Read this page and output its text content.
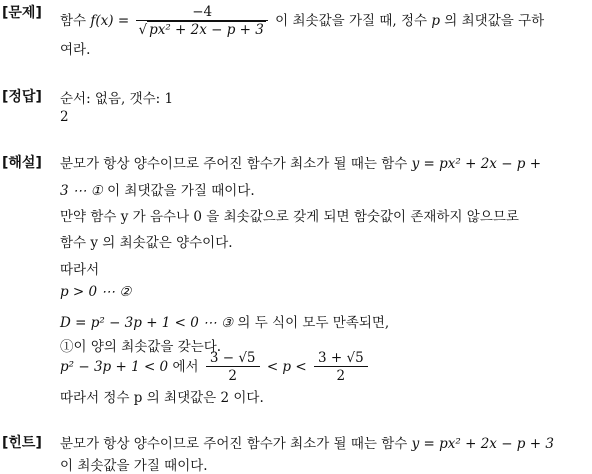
[문제] 함수 $f(x) = \frac{-4}{\text{√ px² + 2x − p + 3}}$ 이 최솟값을 가질 때, 정수 p 의 최댓값을 구하
여라.
[정답] 순서: 없음, 갯수: 1
2
[해설] 분모가 항상 양수이므로 주어진 함수가 최소가 될 때는 함수 y = px² + 2x − p +
3 ⋯ ① 이 최댓값을 가질 때이다.
만약 함수 y 가 음수나 0 을 최솟값으로 갖게 되면 함숫값이 존재하지 않으므로
함수 y 의 최솟값은 양수이다.
따라서
p > 0 ⋯ ②
D = p² − 3p + 1 < 0 ⋯ ③ 의 두 식이 모두 만족되면,
①이 양의 최솟값을 갖는다.
p² − 3p + 1 < 0 에서 $\frac{3 - √5}{2} < p < \frac{3 + √5}{2}$
따라서 정수 p 의 최댓값은 2 이다.
[힌트] 분모가 항상 양수이므로 주어진 함수가 최소가 될 때는 함수 y = px² + 2x − p + 3
이 최솟값을 가질 때이다.
